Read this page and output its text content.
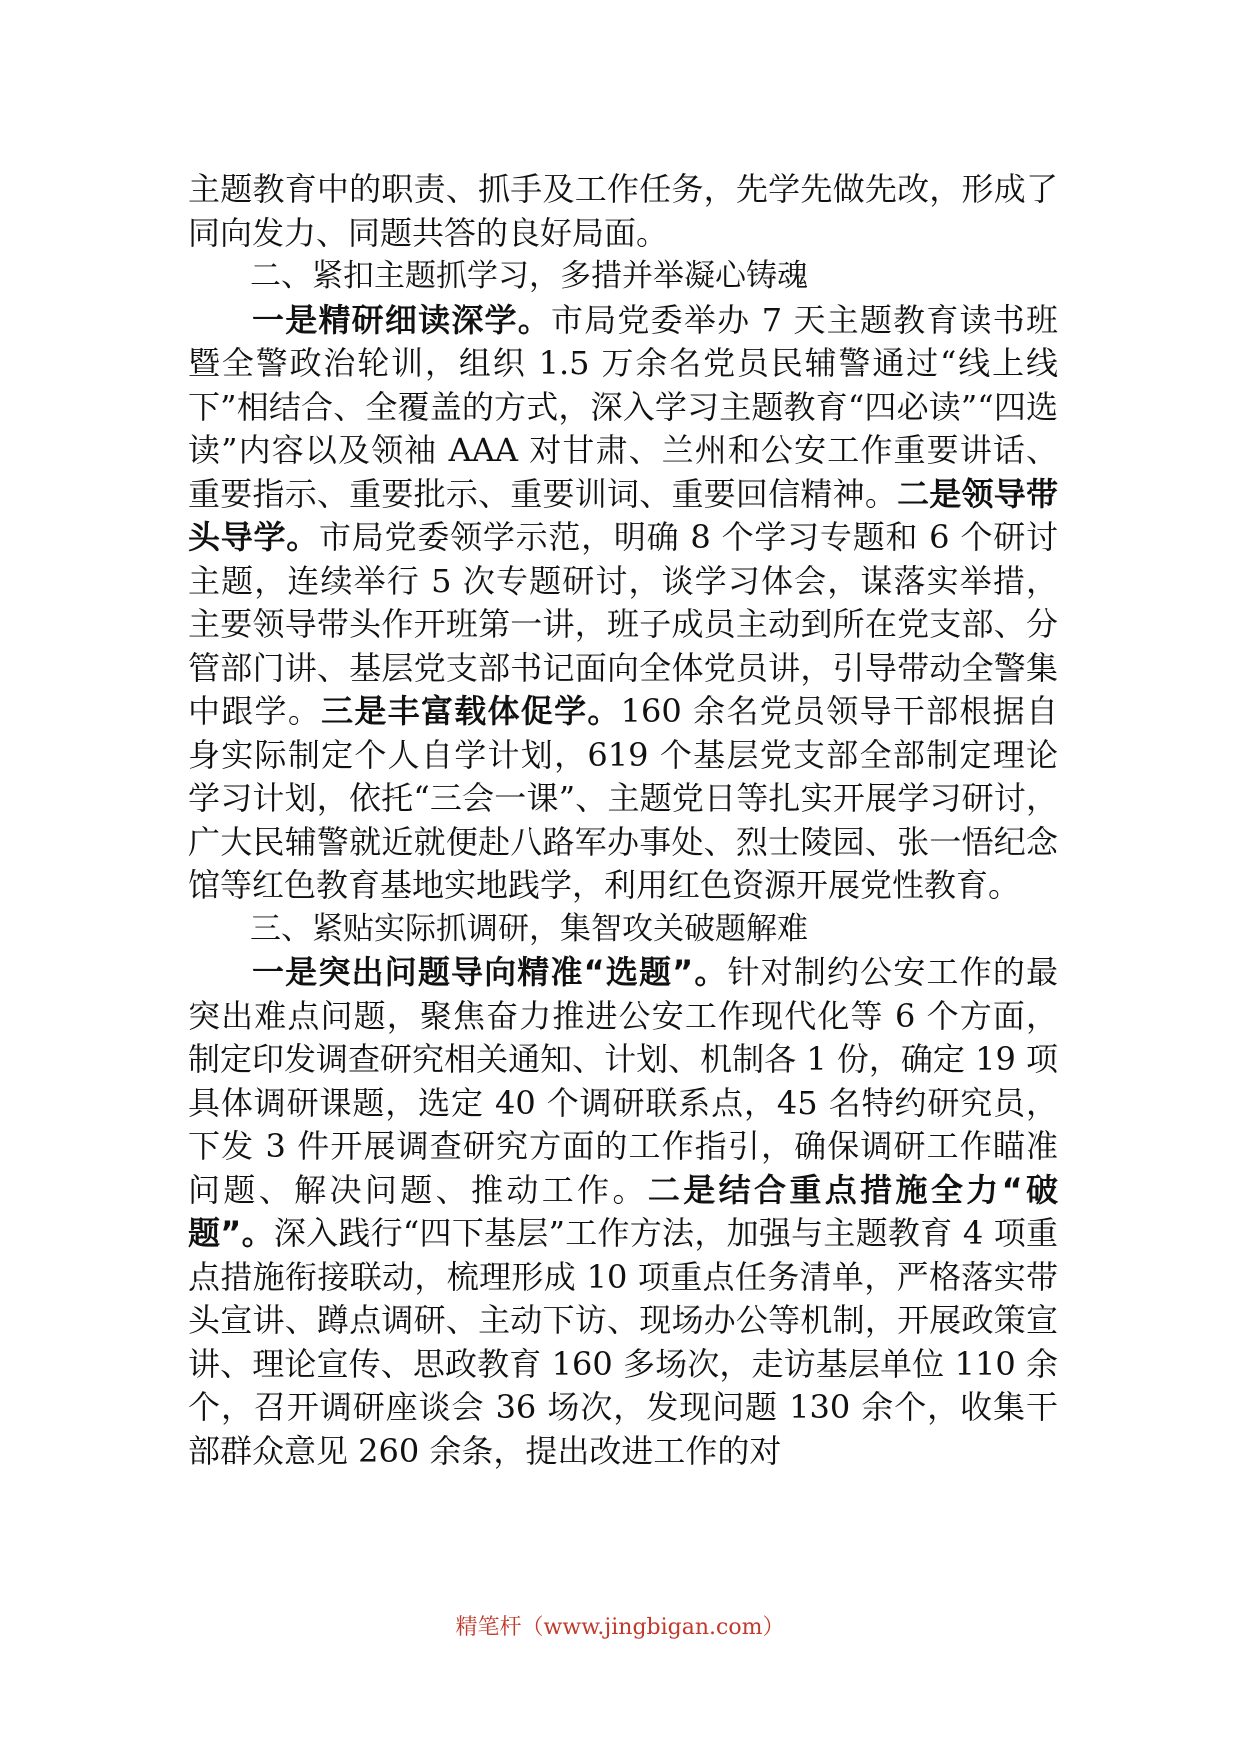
主题教育中的职责、抓手及工作任务，先学先做先改，形成了同向发力、同题共答的良好局面。

二、紧扣主题抓学习，多措并举凝心铸魂

一是精研细读深学。市局党委举办 7 天主题教育读书班暨全警政治轮训，组织 1.5 万余名党员民辅警通过“线上线下”相结合、全覆盖的方式，深入学习主题教育“四必读”“四选读”内容以及领袖 AAA 对甘肃、兰州和公安工作重要讲话、重要指示、重要批示、重要训词、重要回信精神。二是领导带头导学。市局党委领学示范，明确 8 个学习专题和 6 个研讨主题，连续举行 5 次专题研讨，谈学习体会，谋落实举措，主要领导带头作开班第一讲，班子成员主动到所在党支部、分管部门讲、基层党支部书记面向全体党员讲，引导带动全警集中跟学。三是丰富载体促学。160 余名党员领导干部根据自身实际制定个人自学计划，619 个基层党支部全部制定理论学习计划，依托“三会一课”、主题党日等扎实开展学习研讨，广大民辅警就近就便赴八路军办事处、烈士陵园、张一悟纪念馆等红色教育基地实地践学，利用红色资源开展党性教育。

三、紧贴实际抓调研，集智攻关破题解难

一是突出问题导向精准“选题”。针对制约公安工作的最突出难点问题，聚焦奋力推进公安工作现代化等 6 个方面，制定印发调查研究相关通知、计划、机制各 1 份，确定 19 项具体调研课题，选定 40 个调研联系点，45 名特约研究员，下发 3 件开展调查研究方面的工作指引，确保调研工作瞄准问题、解决问题、推动工作。二是结合重点措施全力“破题”。深入践行“四下基层”工作方法，加强与主题教育 4 项重点措施衔接联动，梳理形成 10 项重点任务清单，严格落实带头宣讲、蹲点调研、主动下访、现场办公等机制，开展政策宣讲、理论宣传、思政教育 160 多场次，走访基层单位 110 余个，召开调研座谈会 36 场次，发现问题 130 余个，收集干部群众意见 260 余条，提出改进工作的对

精笔杆（www.jingbigan.com）
